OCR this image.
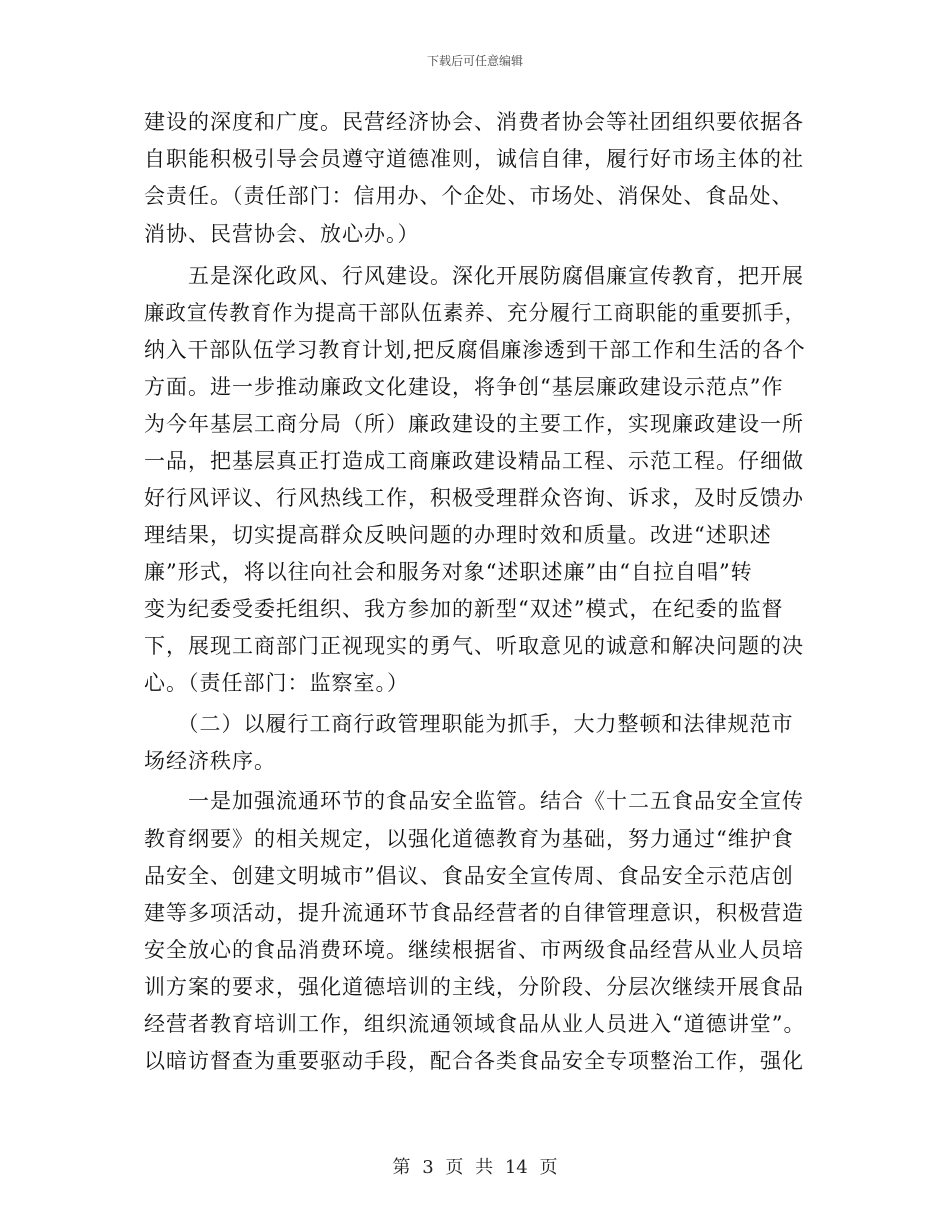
下载后可任意编辑
建设的深度和广度。民营经济协会、消费者协会等社团组织要依据各
自职能积极引导会员遵守道德准则，诚信自律，履行好市场主体的社
会责任。（责任部门：信用办、个企处、市场处、消保处、食品处、
消协、民营协会、放心办。）
　　五是深化政风、行风建设。深化开展防腐倡廉宣传教育，把开展
廉政宣传教育作为提高干部队伍素养、充分履行工商职能的重要抓手，
纳入干部队伍学习教育计划,把反腐倡廉渗透到干部工作和生活的各个
方面。进一步推动廉政文化建设，将争创“基层廉政建设示范点”作
为今年基层工商分局（所）廉政建设的主要工作，实现廉政建设一所
一品，把基层真正打造成工商廉政建设精品工程、示范工程。仔细做
好行风评议、行风热线工作，积极受理群众咨询、诉求，及时反馈办
理结果，切实提高群众反映问题的办理时效和质量。改进“述职述
廉”形式，将以往向社会和服务对象“述职述廉”由“自拉自唱”转
变为纪委受委托组织、我方参加的新型“双述”模式，在纪委的监督
下，展现工商部门正视现实的勇气、听取意见的诚意和解决问题的决
心。（责任部门：监察室。）
　　（二）以履行工商行政管理职能为抓手，大力整顿和法律规范市
场经济秩序。
　　一是加强流通环节的食品安全监管。结合《十二五食品安全宣传
教育纲要》的相关规定，以强化道德教育为基础，努力通过“维护食
品安全、创建文明城市”倡议、食品安全宣传周、食品安全示范店创
建等多项活动，提升流通环节食品经营者的自律管理意识，积极营造
安全放心的食品消费环境。继续根据省、市两级食品经营从业人员培
训方案的要求，强化道德培训的主线，分阶段、分层次继续开展食品
经营者教育培训工作，组织流通领域食品从业人员进入“道德讲堂”。
以暗访督查为重要驱动手段，配合各类食品安全专项整治工作，强化
第 3 页 共 14 页
